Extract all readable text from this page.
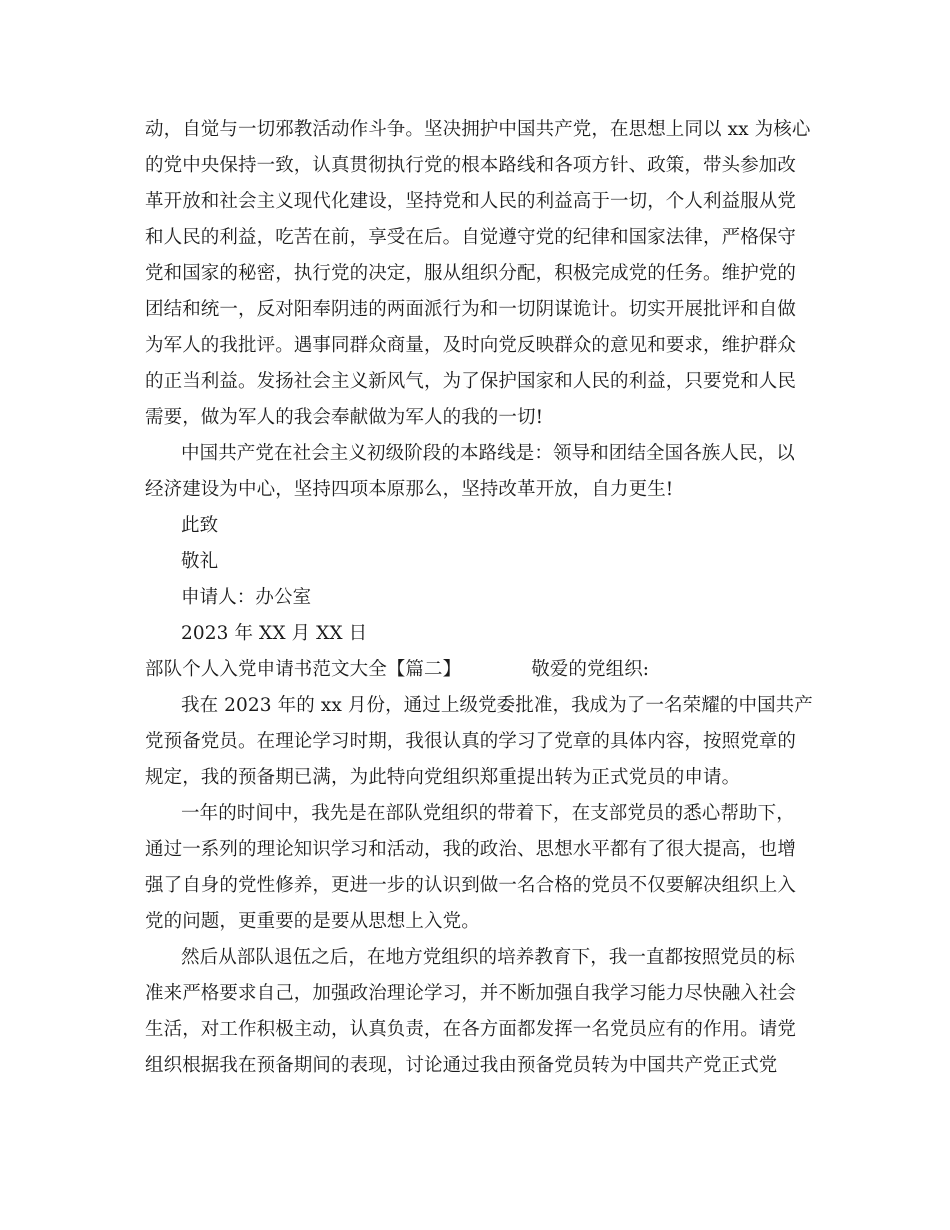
动，自觉与一切邪教活动作斗争。坚决拥护中国共产党，在思想上同以 xx 为核心
的党中央保持一致，认真贯彻执行党的根本路线和各项方针、政策，带头参加改
革开放和社会主义现代化建设，坚持党和人民的利益高于一切，个人利益服从党
和人民的利益，吃苦在前，享受在后。自觉遵守党的纪律和国家法律，严格保守
党和国家的秘密，执行党的决定，服从组织分配，积极完成党的任务。维护党的
团结和统一，反对阳奉阴违的两面派行为和一切阴谋诡计。切实开展批评和自做
为军人的我批评。遇事同群众商量，及时向党反映群众的意见和要求，维护群众
的正当利益。发扬社会主义新风气，为了保护国家和人民的利益，只要党和人民
需要，做为军人的我会奉献做为军人的我的一切!
中国共产党在社会主义初级阶段的本路线是：领导和团结全国各族人民，以
经济建设为中心，坚持四项本原那么，坚持改革开放，自力更生!
此致
敬礼
申请人：办公室
2023 年 XX 月 XX 日
部队个人入党申请书范文大全【篇二】	敬爱的党组织:
我在 2023 年的 xx 月份，通过上级党委批准，我成为了一名荣耀的中国共产
党预备党员。在理论学习时期，我很认真的学习了党章的具体内容，按照党章的
规定，我的预备期已满，为此特向党组织郑重提出转为正式党员的申请。
一年的时间中，我先是在部队党组织的带着下，在支部党员的悉心帮助下，
通过一系列的理论知识学习和活动，我的政治、思想水平都有了很大提高，也增
强了自身的党性修养，更进一步的认识到做一名合格的党员不仅要解决组织上入
党的问题，更重要的是要从思想上入党。
然后从部队退伍之后，在地方党组织的培养教育下，我一直都按照党员的标
准来严格要求自己，加强政治理论学习，并不断加强自我学习能力尽快融入社会
生活，对工作积极主动，认真负责，在各方面都发挥一名党员应有的作用。请党
组织根据我在预备期间的表现，讨论通过我由预备党员转为中国共产党正式党
